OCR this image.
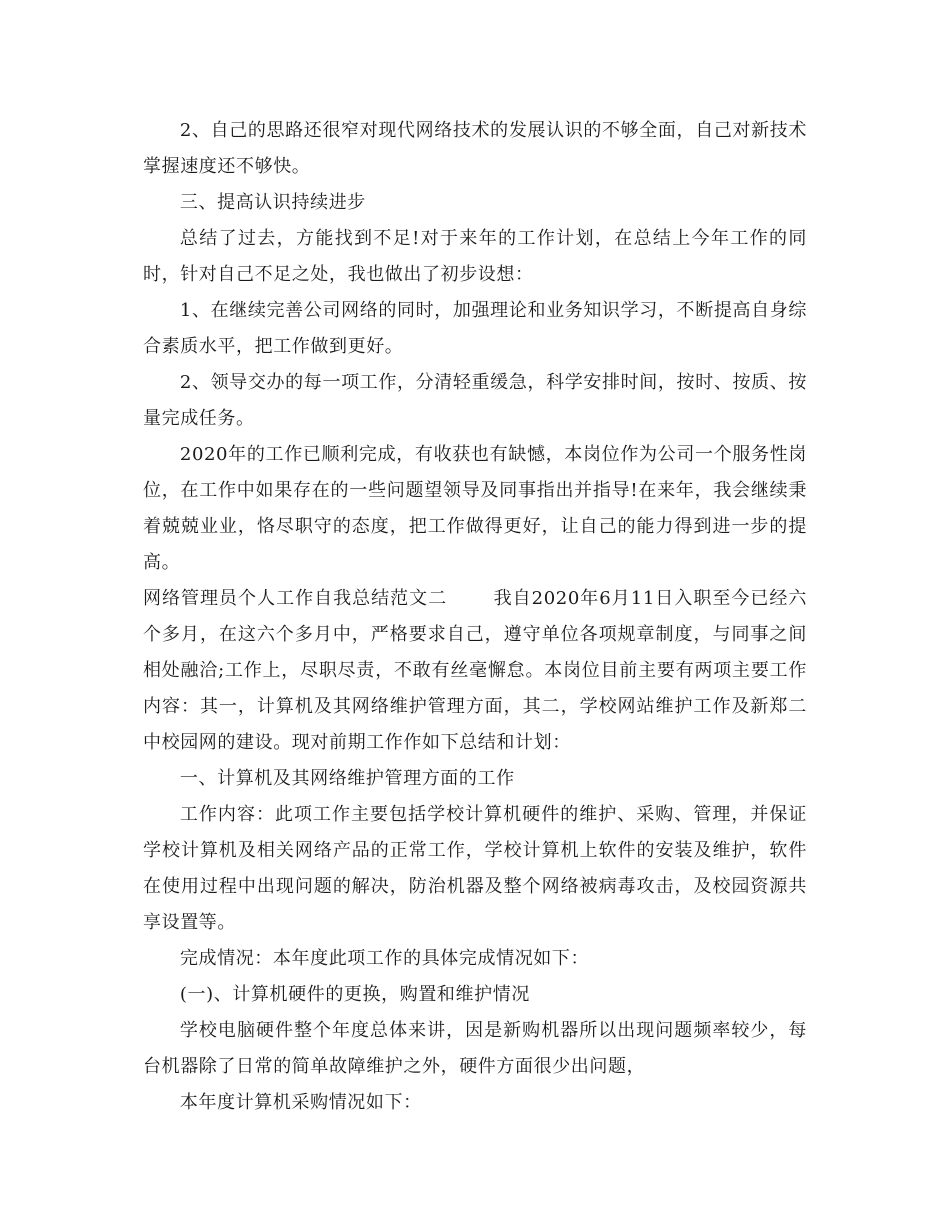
2、自己的思路还很窄对现代网络技术的发展认识的不够全面，自己对新技术掌握速度还不够快。

三、提高认识持续进步

总结了过去，方能找到不足!对于来年的工作计划，在总结上今年工作的同时，针对自己不足之处，我也做出了初步设想：

1、在继续完善公司网络的同时，加强理论和业务知识学习，不断提高自身综合素质水平，把工作做到更好。

2、领导交办的每一项工作，分清轻重缓急，科学安排时间，按时、按质、按量完成任务。

2020年的工作已顺利完成，有收获也有缺憾，本岗位作为公司一个服务性岗位，在工作中如果存在的一些问题望领导及同事指出并指导!在来年，我会继续秉着兢兢业业，恪尽职守的态度，把工作做得更好，让自己的能力得到进一步的提高。

网络管理员个人工作自我总结范文二	我自2020年6月11日入职至今已经六个多月，在这六个多月中，严格要求自己，遵守单位各项规章制度，与同事之间相处融洽;工作上，尽职尽责，不敢有丝毫懈怠。本岗位目前主要有两项主要工作内容：其一，计算机及其网络维护管理方面，其二，学校网站维护工作及新郑二中校园网的建设。现对前期工作作如下总结和计划：

一、计算机及其网络维护管理方面的工作

工作内容：此项工作主要包括学校计算机硬件的维护、采购、管理，并保证学校计算机及相关网络产品的正常工作，学校计算机上软件的安装及维护，软件在使用过程中出现问题的解决，防治机器及整个网络被病毒攻击，及校园资源共享设置等。

完成情况：本年度此项工作的具体完成情况如下：

(一)、计算机硬件的更换，购置和维护情况

学校电脑硬件整个年度总体来讲，因是新购机器所以出现问题频率较少，每台机器除了日常的简单故障维护之外，硬件方面很少出问题，

本年度计算机采购情况如下：
